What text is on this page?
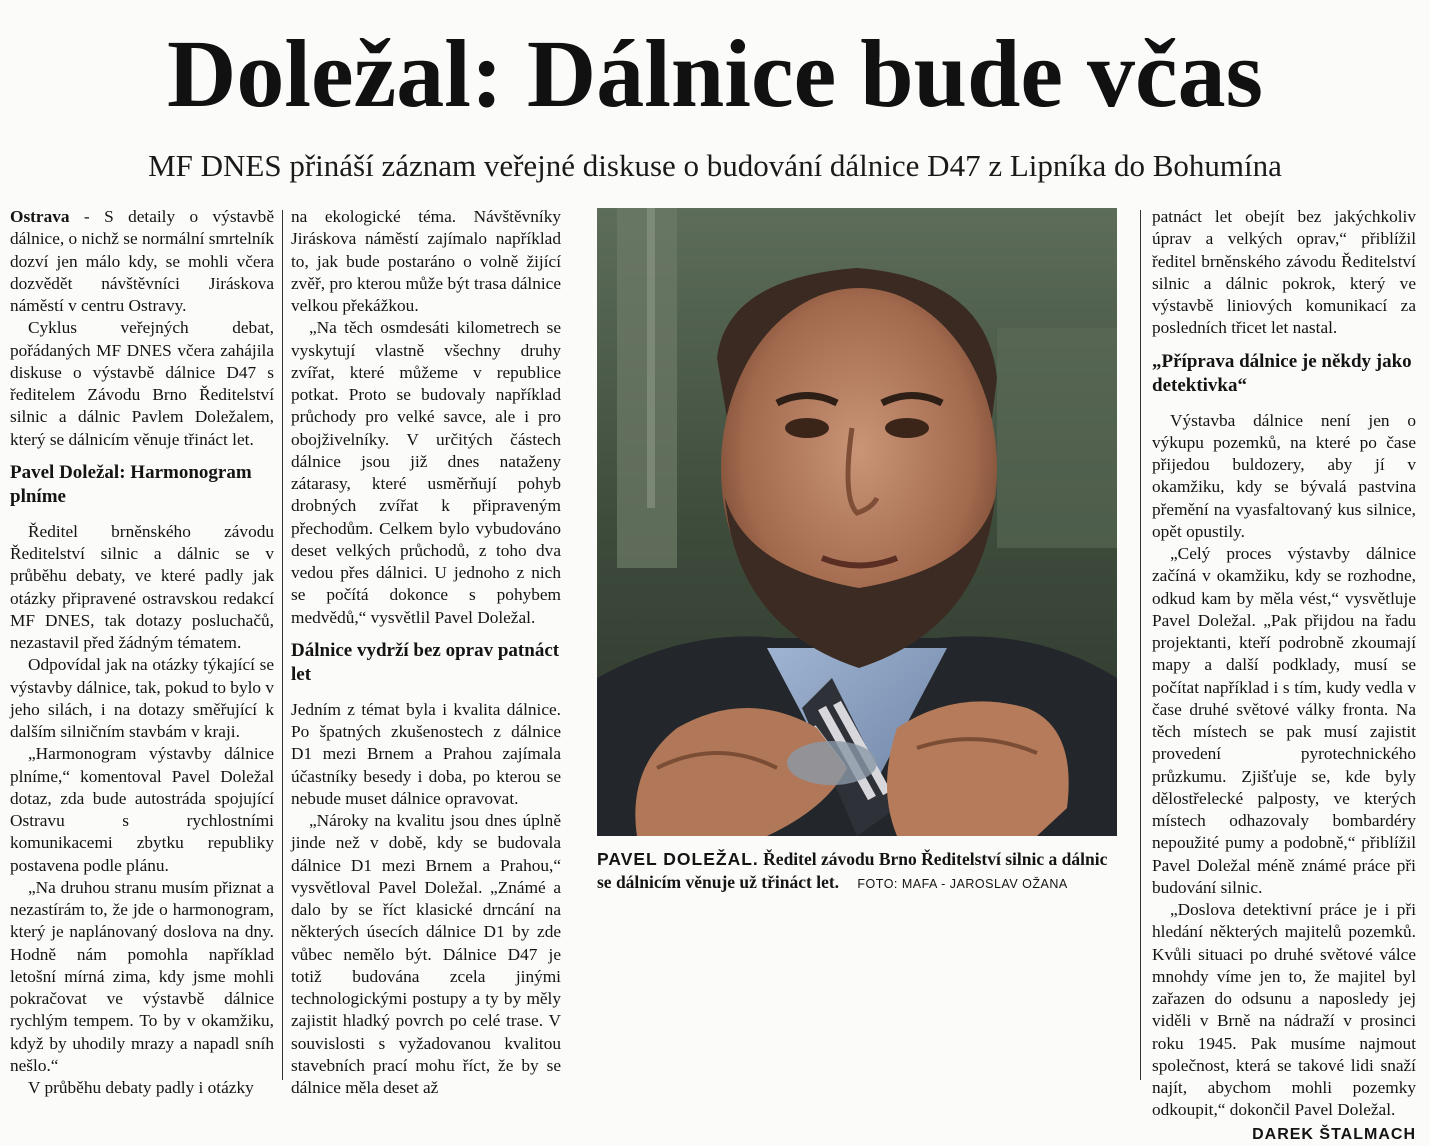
Doležal: Dálnice bude včas
MF DNES přináší záznam veřejné diskuse o budování dálnice D47 z Lipníka do Bohumína

Ostrava - S detaily o výstavbě dálnice, o nichž se normální smrtelník dozví jen málo kdy, se mohli včera dozvědět návštěvníci Jiráskova náměstí v centru Ostravy.

Cyklus veřejných debat, pořádaných MF DNES včera zahájila diskuse o výstavbě dálnice D47 s ředitelem Závodu Brno Ředitelství silnic a dálnic Pavlem Doležalem, který se dálnicím věnuje třináct let.

Pavel Doležal: Harmonogram plníme

Ředitel brněnského závodu Ředitelství silnic a dálnic se v průběhu debaty, ve které padly jak otázky připravené ostravskou redakcí MF DNES, tak dotazy posluchačů, nezastavil před žádným tématem.

Odpovídal jak na otázky týkající se výstavby dálnice, tak, pokud to bylo v jeho silách, i na dotazy směřující k dalším silničním stavbám v kraji.

„Harmonogram výstavby dálnice plníme,“ komentoval Pavel Doležal dotaz, zda bude autostráda spojující Ostravu s rychlostními komunikacemi zbytku republiky postavena podle plánu.

„Na druhou stranu musím přiznat a nezastírám to, že jde o harmonogram, který je naplánovaný doslova na dny. Hodně nám pomohla například letošní mírná zima, kdy jsme mohli pokračovat ve výstavbě dálnice rychlým tempem. To by v okamžiku, když by uhodily mrazy a napadl sníh nešlo.“

V průběhu debaty padly i otázky

na ekologické téma. Návštěvníky Jiráskova náměstí zajímalo například to, jak bude postaráno o volně žijící zvěř, pro kterou může být trasa dálnice velkou překážkou.

„Na těch osmdesáti kilometrech se vyskytují vlastně všechny druhy zvířat, které můžeme v republice potkat. Proto se budovaly například průchody pro velké savce, ale i pro obojživelníky. V určitých částech dálnice jsou již dnes nataženy zátarasy, které usměrňují pohyb drobných zvířat k připraveným přechodům. Celkem bylo vybudováno deset velkých průchodů, z toho dva vedou přes dálnici. U jednoho z nich se počítá dokonce s pohybem medvědů,“ vysvětlil Pavel Doležal.

Dálnice vydrží bez oprav patnáct let

Jedním z témat byla i kvalita dálnice. Po špatných zkušenostech z dálnice D1 mezi Brnem a Prahou zajímala účastníky besedy i doba, po kterou se nebude muset dálnice opravovat.

„Nároky na kvalitu jsou dnes úplně jinde než v době, kdy se budovala dálnice D1 mezi Brnem a Prahou,“ vysvětloval Pavel Doležal. „Známé a dalo by se říct klasické drncání na některých úsecích dálnice D1 by zde vůbec nemělo být. Dálnice D47 je totiž budována zcela jinými technologickými postupy a ty by měly zajistit hladký povrch po celé trase. V souvislosti s vyžadovanou kvalitou stavebních prací mohu říct, že by se dálnice měla deset až

PAVEL DOLEŽAL. Ředitel závodu Brno Ředitelství silnic a dálnic se dálnicím věnuje už třináct let. FOTO: MAFA - JAROSLAV OŽANA

patnáct let obejít bez jakýchkoliv úprav a velkých oprav,“ přiblížil ředitel brněnského závodu Ředitelství silnic a dálnic pokrok, který ve výstavbě liniových komunikací za posledních třicet let nastal.

„Příprava dálnice je někdy jako detektivka“

Výstavba dálnice není jen o výkupu pozemků, na které po čase přijedou buldozery, aby jí v okamžiku, kdy se bývalá pastvina přemění na vyasfaltovaný kus silnice, opět opustily.

„Celý proces výstavby dálnice začíná v okamžiku, kdy se rozhodne, odkud kam by měla vést,“ vysvětluje Pavel Doležal. „Pak přijdou na řadu projektanti, kteří podrobně zkoumají mapy a další podklady, musí se počítat například i s tím, kudy vedla v čase druhé světové války fronta. Na těch místech se pak musí zajistit provedení pyrotechnického průzkumu. Zjišťuje se, kde byly dělostřelecké palposty, ve kterých místech odhazovaly bombardéry nepoužité pumy a podobně,“ přiblížil Pavel Doležal méně známé práce při budování silnic.

„Doslova detektivní práce je i při hledání některých majitelů pozemků. Kvůli situaci po druhé světové válce mnohdy víme jen to, že majitel byl zařazen do odsunu a naposledy jej viděli v Brně na nádraží v prosinci roku 1945. Pak musíme najmout společnost, která se takové lidi snaží najít, abychom mohli pozemky odkoupit,“ dokončil Pavel Doležal.
DAREK ŠTALMACH
